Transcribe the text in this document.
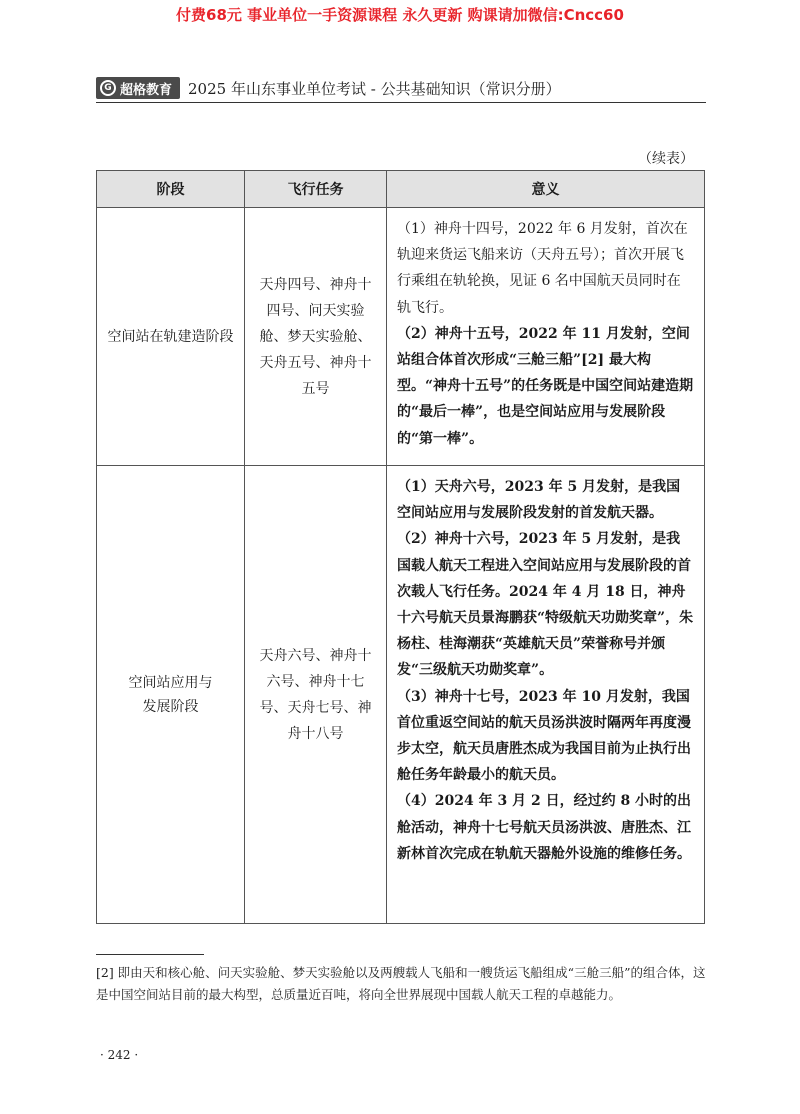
付费68元 事业单位一手资源课程 永久更新 购课请加微信:Cncc60
G 超格教育 2025 年山东事业单位考试 - 公共基础知识（常识分册）
（续表）
阶段	飞行任务	意义
空间站在轨建造阶段	天舟四号、神舟十四号、问天实验舱、梦天实验舱、天舟五号、神舟十五号	（1）神舟十四号，2022 年 6 月发射，首次在轨迎来货运飞船来访（天舟五号）；首次开展飞行乘组在轨轮换，见证 6 名中国航天员同时在轨飞行。
（2）神舟十五号，2022 年 11 月发射，空间站组合体首次形成“三舱三船”[2] 最大构型。“神舟十五号”的任务既是中国空间站建造期的“最后一棒”，也是空间站应用与发展阶段的“第一棒”。

空间站应用与
发展阶段	天舟六号、神舟十六号、神舟十七号、天舟七号、神舟十八号	（1）天舟六号，2023 年 5 月发射，是我国空间站应用与发展阶段发射的首发航天器。
（2）神舟十六号，2023 年 5 月发射，是我国载人航天工程进入空间站应用与发展阶段的首次载人飞行任务。2024 年 4 月 18 日，神舟十六号航天员景海鹏获“特级航天功勋奖章”，朱杨柱、桂海潮获“英雄航天员”荣誉称号并颁发“三级航天功勋奖章”。
（3）神舟十七号，2023 年 10 月发射，我国首位重返空间站的航天员汤洪波时隔两年再度漫步太空，航天员唐胜杰成为我国目前为止执行出舱任务年龄最小的航天员。
（4）2024 年 3 月 2 日，经过约 8 小时的出舱活动，神舟十七号航天员汤洪波、唐胜杰、江新林首次完成在轨航天器舱外设施的维修任务。
[2] 即由天和核心舱、问天实验舱、梦天实验舱以及两艘载人飞船和一艘货运飞船组成“三舱三船”的组合体，这是中国空间站目前的最大构型，总质量近百吨，将向全世界展现中国载人航天工程的卓越能力。
· 242 ·
